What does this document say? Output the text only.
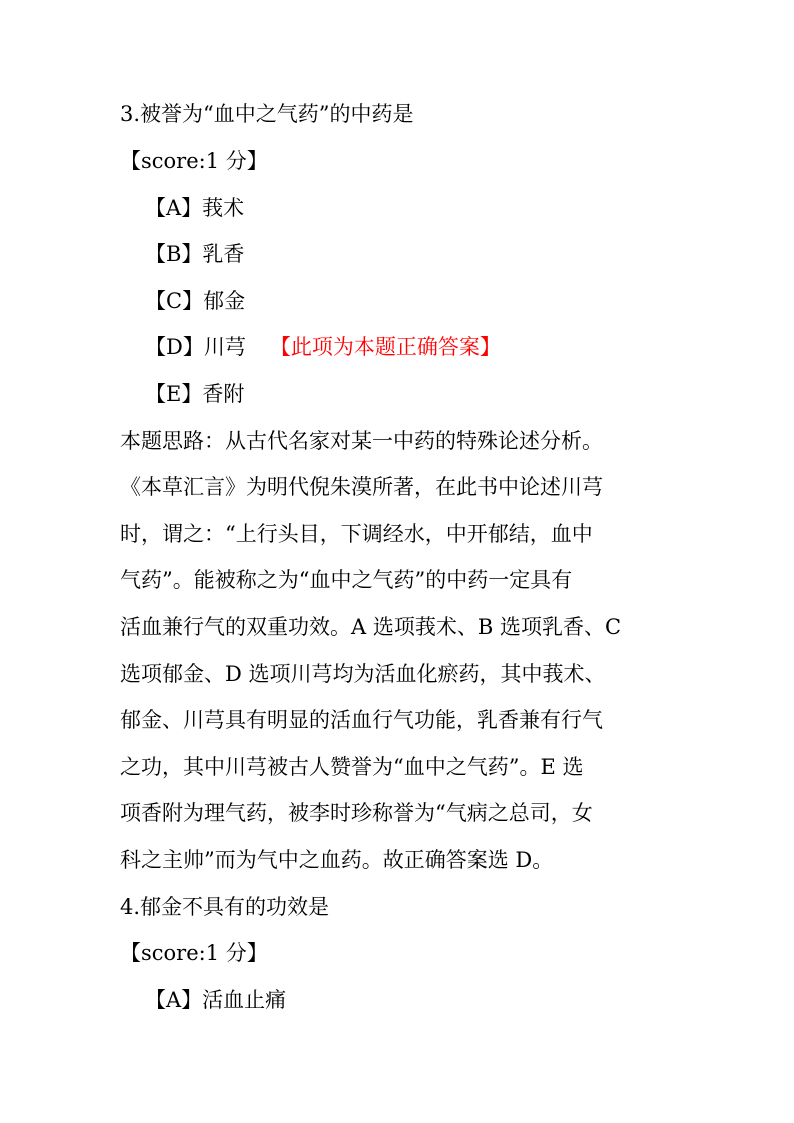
3.被誉为“血中之气药”的中药是
【score:1 分】
【A】莪术
【B】乳香
【C】郁金
【D】川芎 【此项为本题正确答案】
【E】香附
本题思路：从古代名家对某一中药的特殊论述分析。
《本草汇言》为明代倪朱漠所著，在此书中论述川芎
时，谓之：“上行头目，下调经水，中开郁结，血中
气药”。能被称之为“血中之气药”的中药一定具有
活血兼行气的双重功效。A 选项莪术、B 选项乳香、C
选项郁金、D 选项川芎均为活血化瘀药，其中莪术、
郁金、川芎具有明显的活血行气功能，乳香兼有行气
之功，其中川芎被古人赞誉为“血中之气药”。E 选
项香附为理气药，被李时珍称誉为“气病之总司，女
科之主帅”而为气中之血药。故正确答案选 D。
4.郁金不具有的功效是
【score:1 分】
【A】活血止痛
